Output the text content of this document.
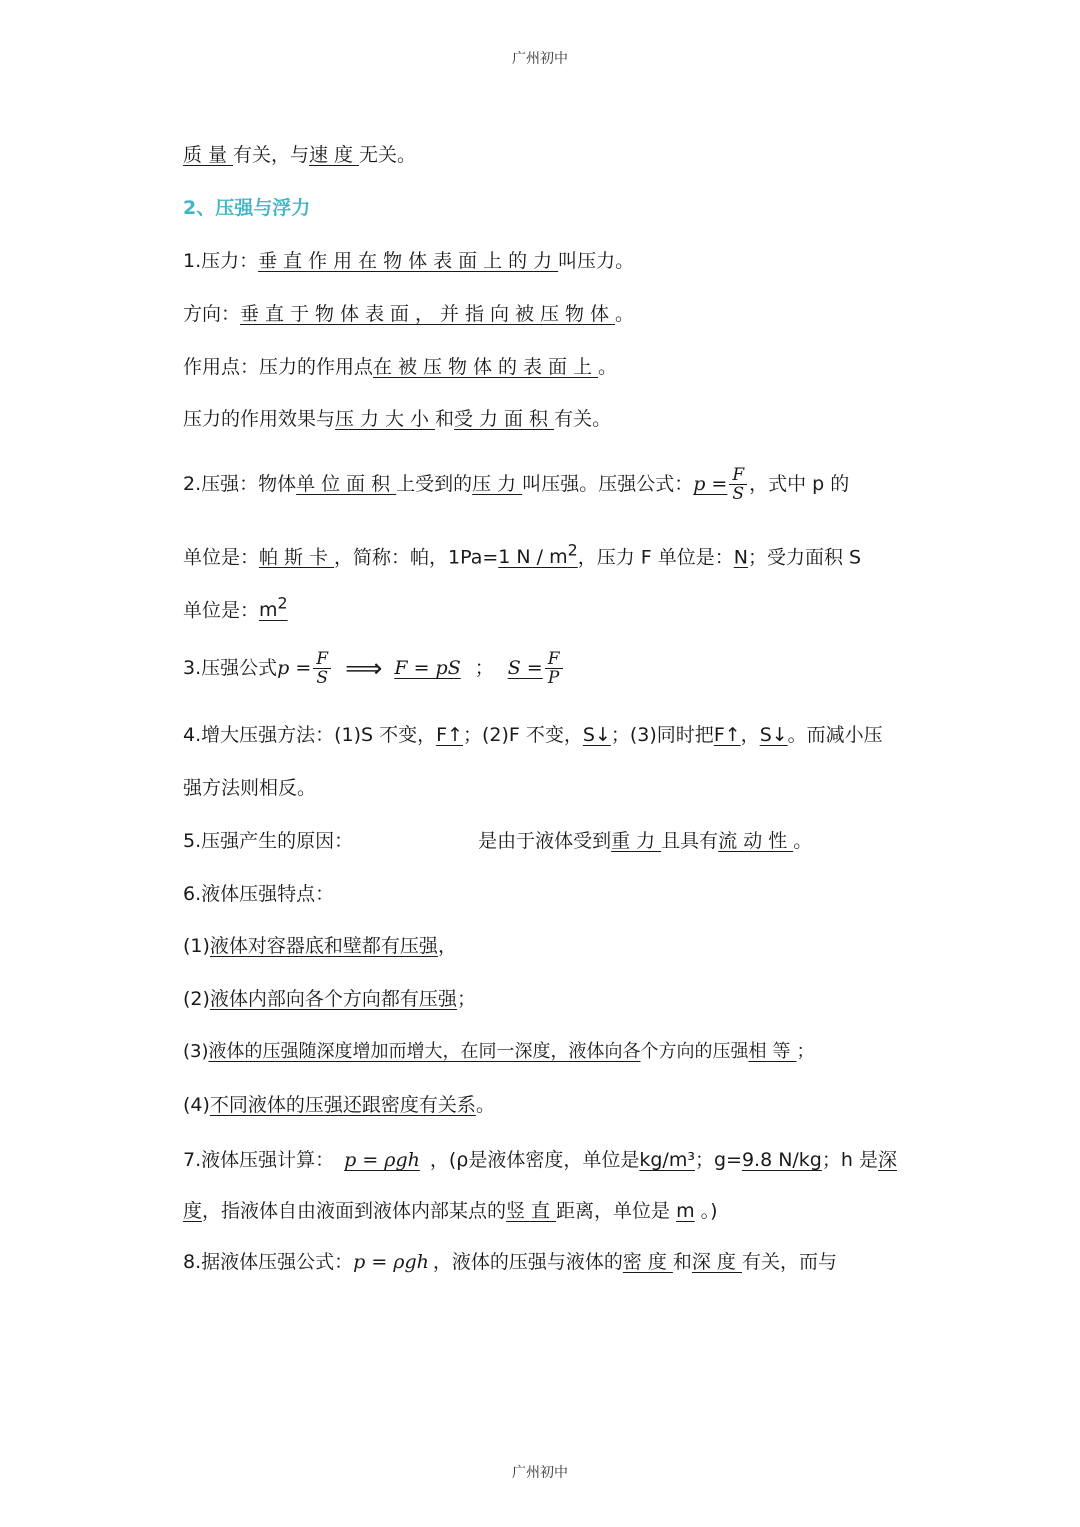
广州初中
质量有关，与速度无关。
2、压强与浮力
1.压力：垂直作用在物体表面上的力叫压力。
方向：垂直于物体表面，并指向被压物体。
作用点：压力的作用点在被压物体的表面上。
压力的作用效果与压力大小和受力面积有关。
2.压强：物体单位面积上受到的压力叫压强。压强公式：$p = \frac{F}{S}$ ，式中 p 的
单位是：帕斯卡，简称：帕，1Pa=1 N / $m^2$，压力 F 单位是：N；受力面积 S
单位是：$m^2$
3.压强公式$p = \frac{F}{S}$ ⟹ F = pS ； $S = \frac{F}{P}$
4.增大压强方法：(1)S 不变，F↑；(2)F 不变，S↓；(3)同时把F↑，S↓。而减小压
强方法则相反。
5.压强产生的原因：	是由于液体受到重力且具有流动性。
6.液体压强特点：
(1)液体对容器底和壁都有压强，
(2)液体内部向各个方向都有压强；
(3)液体的压强随深度增加而增大，在同一深度，液体向各个方向的压强相等；
(4)不同液体的压强还跟密度有关系。
7.液体压强计算： p = ρgh ，(ρ是液体密度，单位是kg/m³；g=9.8 N/kg；h 是深
度，指液体自由液面到液体内部某点的竖直距离，单位是 m 。)
8.据液体压强公式：p = ρgh ，液体的压强与液体的密度和深度有关，而与
广州初中
